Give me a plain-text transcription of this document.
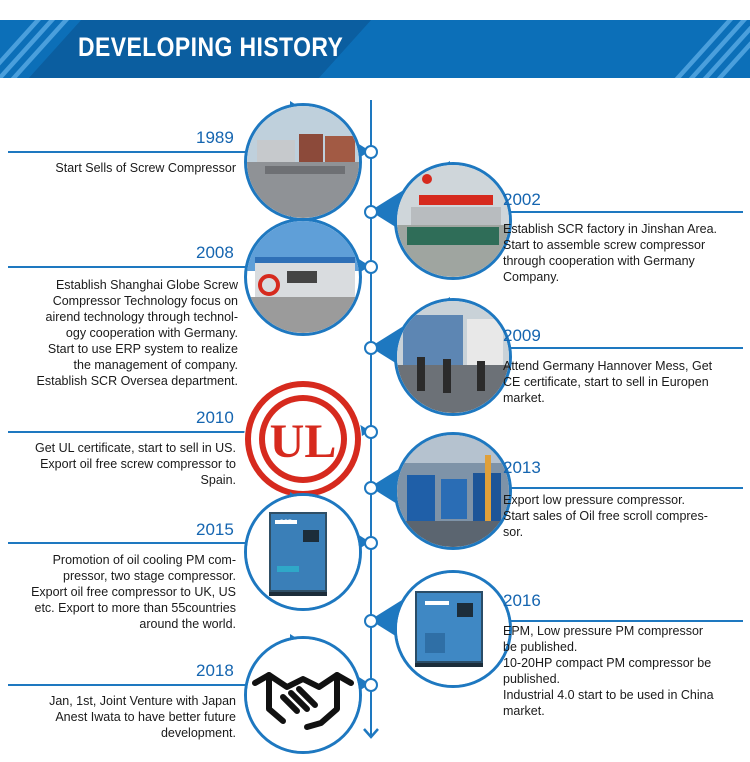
DEVELOPING HISTORY
1989
Start Sells of Screw Compressor
2002
Establish SCR factory in Jinshan Area.
Start to assemble screw compressor
through cooperation with Germany
Company.
2008
Establish Shanghai Globe Screw
Compressor Technology focus on
airend technology through technol-
ogy cooperation with Germany.
Start to use ERP system to realize
the management of company.
Establish SCR Oversea department.
2009
Attend Germany Hannover Mess, Get
CE certificate, start to sell in Europen
market.
UL
2010
Get UL certificate, start to sell in US.
Export oil free screw compressor to
Spain.
2013
Export low pressure compressor.
Start sales of Oil free scroll compres-
sor.
SCR
2015
Promotion of oil cooling PM com-
pressor, two stage compressor.
Export oil free compressor to UK, US
etc. Export to more than 55countries
around the world.
2016
EPM, Low pressure PM compressor
be published.
10-20HP compact PM compressor be
published.
Industrial 4.0 start to be used in China
market.
2018
Jan, 1st, Joint Venture with Japan
Anest Iwata to have better future
development.
